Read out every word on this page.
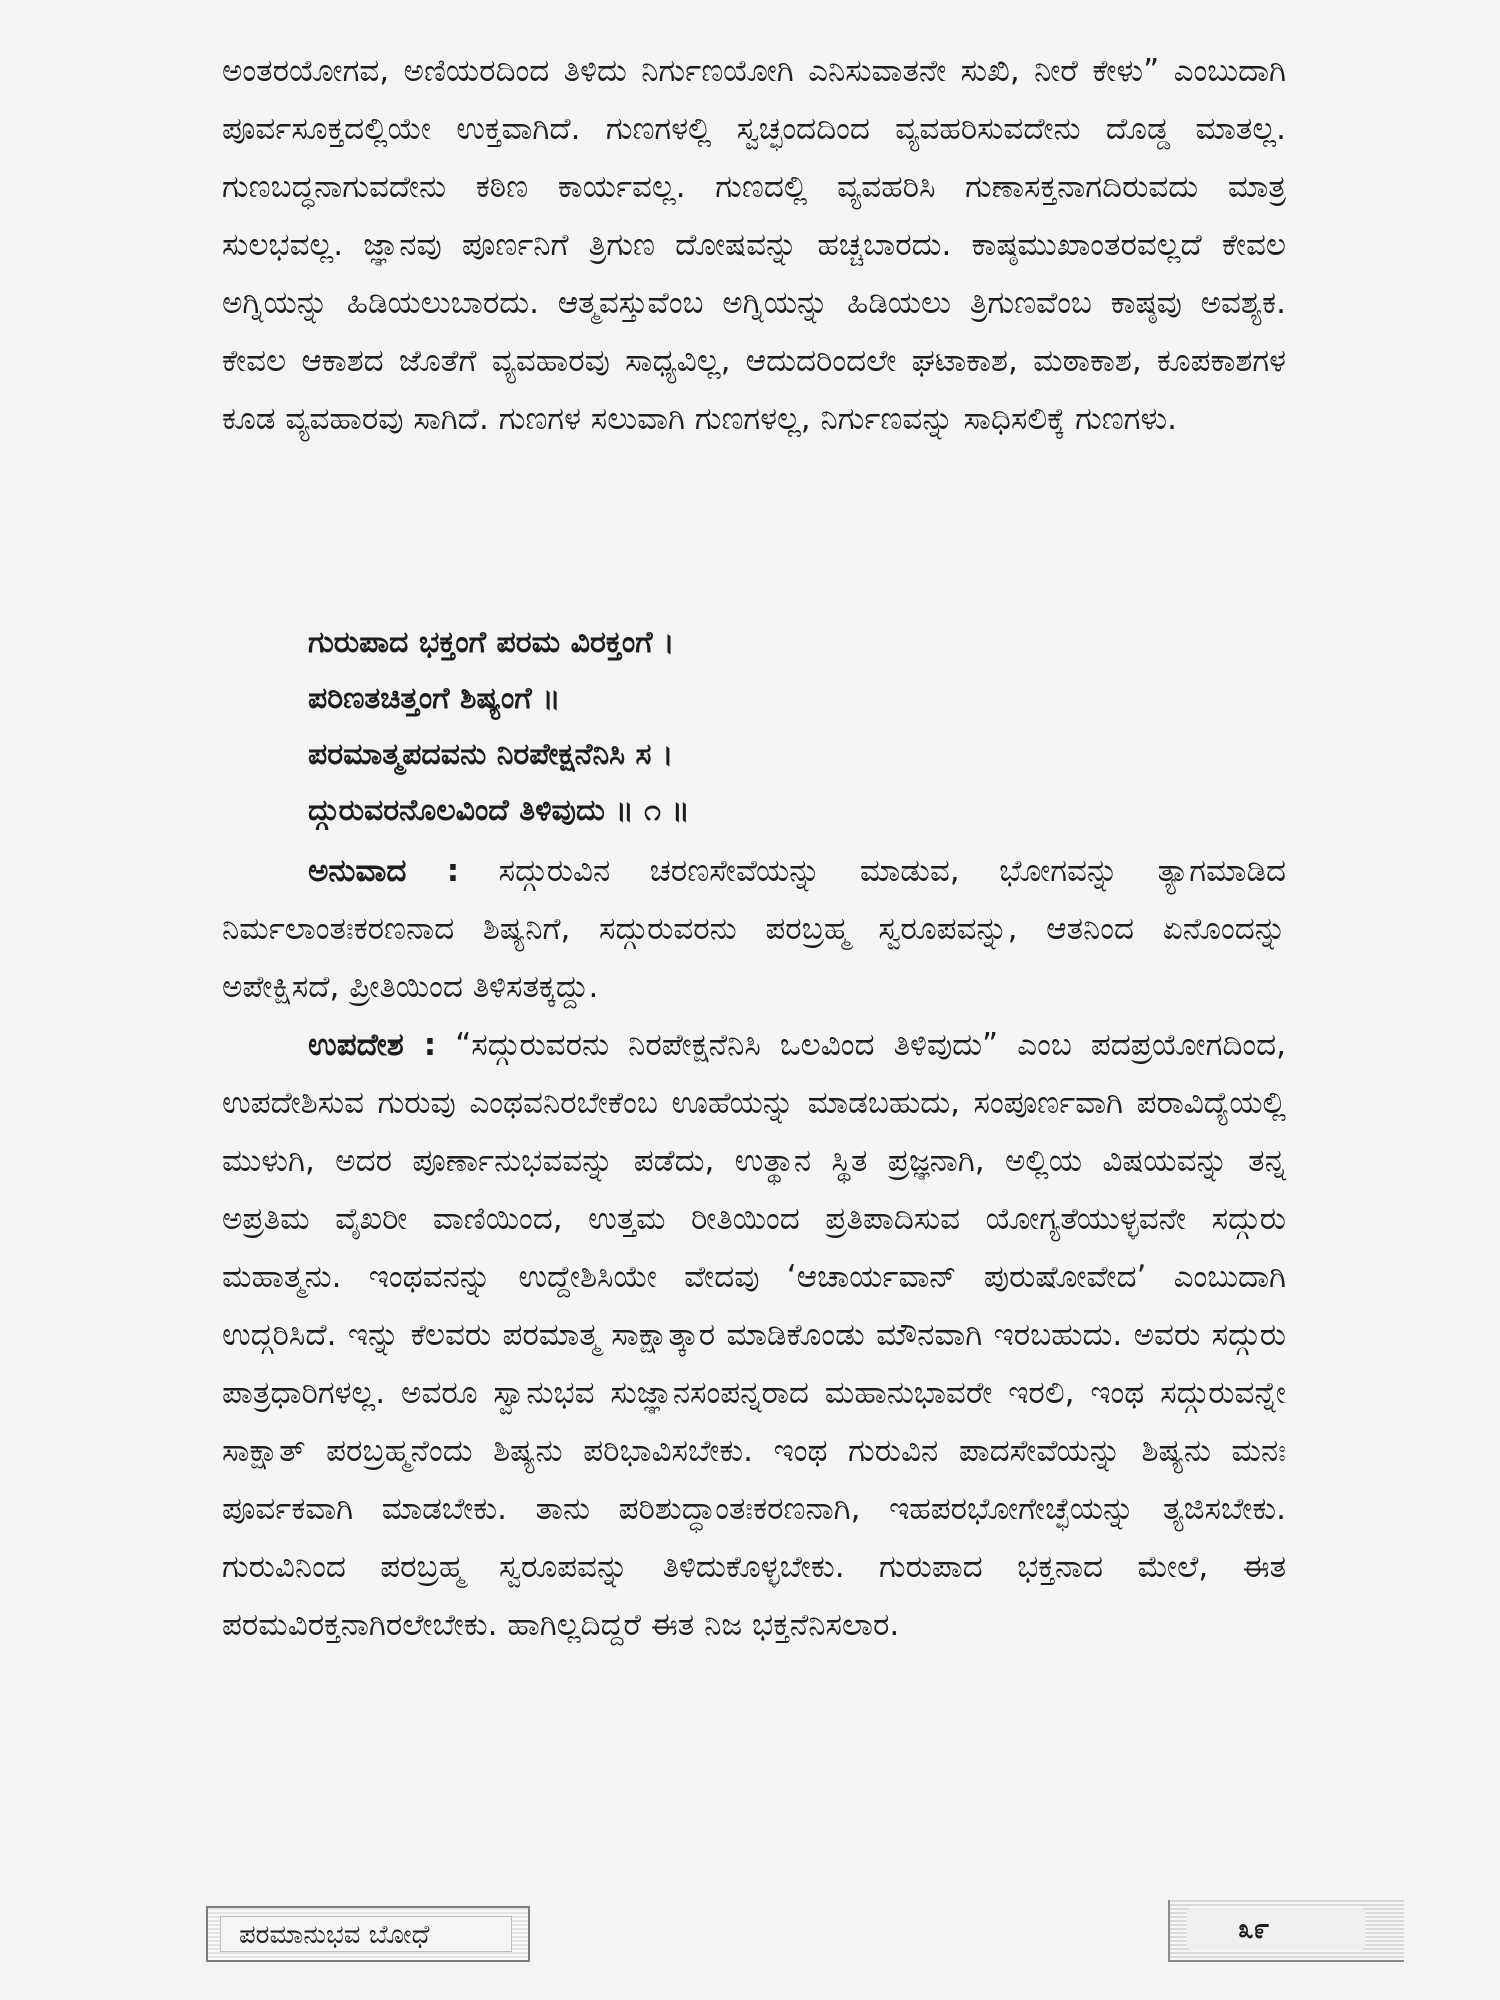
ಅಂತರಯೋಗವ, ಅಣಿಯರದಿಂದ ತಿಳಿದು ನಿರ್ಗುಣಯೋಗಿ ಎನಿಸುವಾತನೇ ಸುಖಿ, ನೀರೆ ಕೇಳು” ಎಂಬುದಾಗಿ ಪೂರ್ವಸೂಕ್ತದಲ್ಲಿಯೇ ಉಕ್ತವಾಗಿದೆ. ಗುಣಗಳಲ್ಲಿ ಸ್ವಚ್ಛಂದದಿಂದ ವ್ಯವಹರಿಸುವದೇನು ದೊಡ್ಡ ಮಾತಲ್ಲ. ಗುಣಬದ್ಧನಾಗುವದೇನು ಕಠಿಣ ಕಾರ್ಯವಲ್ಲ. ಗುಣದಲ್ಲಿ ವ್ಯವಹರಿಸಿ ಗುಣಾಸಕ್ತನಾಗದಿರುವದು ಮಾತ್ರ ಸುಲಭವಲ್ಲ. ಜ್ಞಾನವು ಪೂರ್ಣನಿಗೆ ತ್ರಿಗುಣ ದೋಷವನ್ನು ಹಚ್ಚಬಾರದು. ಕಾಷ್ಠಮುಖಾಂತರವಲ್ಲದೆ ಕೇವಲ ಅಗ್ನಿಯನ್ನು ಹಿಡಿಯಲುಬಾರದು. ಆತ್ಮವಸ್ತುವೆಂಬ ಅಗ್ನಿಯನ್ನು ಹಿಡಿಯಲು ತ್ರಿಗುಣವೆಂಬ ಕಾಷ್ಠವು ಅವಶ್ಯಕ. ಕೇವಲ ಆಕಾಶದ ಜೊತೆಗೆ ವ್ಯವಹಾರವು ಸಾಧ್ಯವಿಲ್ಲ, ಆದುದರಿಂದಲೇ ಘಟಾಕಾಶ, ಮಠಾಕಾಶ, ಕೂಪಕಾಶಗಳ ಕೂಡ ವ್ಯವಹಾರವು ಸಾಗಿದೆ. ಗುಣಗಳ ಸಲುವಾಗಿ ಗುಣಗಳಲ್ಲ, ನಿರ್ಗುಣವನ್ನು ಸಾಧಿಸಲಿಕ್ಕೆ ಗುಣಗಳು.

ಗುರುಪಾದ ಭಕ್ತಂಗೆ ಪರಮ ವಿರಕ್ತಂಗೆ ।
ಪರಿಣತಚಿತ್ತಂಗೆ ಶಿಷ್ಯಂಗೆ ॥
ಪರಮಾತ್ಮಪದವನು ನಿರಪೇಕ್ಷನೆನಿಸಿ ಸ ।
ದ್ಗುರುವರನೊಲವಿಂದೆ ತಿಳಿವುದು ॥ ೧ ॥

ಅನುವಾದ : ಸದ್ಗುರುವಿನ ಚರಣಸೇವೆಯನ್ನು ಮಾಡುವ, ಭೋಗವನ್ನು ತ್ಯಾಗಮಾಡಿದ ನಿರ್ಮಲಾಂತಃಕರಣನಾದ ಶಿಷ್ಯನಿಗೆ, ಸದ್ಗುರುವರನು ಪರಬ್ರಹ್ಮ ಸ್ವರೂಪವನ್ನು, ಆತನಿಂದ ಏನೊಂದನ್ನು ಅಪೇಕ್ಷಿಸದೆ, ಪ್ರೀತಿಯಿಂದ ತಿಳಿಸತಕ್ಕದ್ದು.

ಉಪದೇಶ : “ಸದ್ಗುರುವರನು ನಿರಪೇಕ್ಷನೆನಿಸಿ ಒಲವಿಂದ ತಿಳಿವುದು” ಎಂಬ ಪದಪ್ರಯೋಗದಿಂದ, ಉಪದೇಶಿಸುವ ಗುರುವು ಎಂಥವನಿರಬೇಕೆಂಬ ಊಹೆಯನ್ನು ಮಾಡಬಹುದು, ಸಂಪೂರ್ಣವಾಗಿ ಪರಾವಿದ್ಯೆಯಲ್ಲಿ ಮುಳುಗಿ, ಅದರ ಪೂರ್ಣಾನುಭವವನ್ನು ಪಡೆದು, ಉತ್ಥಾನ ಸ್ಥಿತ ಪ್ರಜ್ಞನಾಗಿ, ಅಲ್ಲಿಯ ವಿಷಯವನ್ನು ತನ್ನ ಅಪ್ರತಿಮ ವೈಖರೀ ವಾಣಿಯಿಂದ, ಉತ್ತಮ ರೀತಿಯಿಂದ ಪ್ರತಿಪಾದಿಸುವ ಯೋಗ್ಯತೆಯುಳ್ಳವನೇ ಸದ್ಗುರು ಮಹಾತ್ಮನು. ಇಂಥವನನ್ನು ಉದ್ದೇಶಿಸಿಯೇ ವೇದವು ‘ಆಚಾರ್ಯವಾನ್ ಪುರುಷೋವೇದ’ ಎಂಬುದಾಗಿ ಉದ್ಗರಿಸಿದೆ. ಇನ್ನು ಕೆಲವರು ಪರಮಾತ್ಮ ಸಾಕ್ಷಾತ್ಕಾರ ಮಾಡಿಕೊಂಡು ಮೌನವಾಗಿ ಇರಬಹುದು. ಅವರು ಸದ್ಗುರು ಪಾತ್ರಧಾರಿಗಳಲ್ಲ. ಅವರೂ ಸ್ವಾನುಭವ ಸುಜ್ಞಾನಸಂಪನ್ನರಾದ ಮಹಾನುಭಾವರೇ ಇರಲಿ, ಇಂಥ ಸದ್ಗುರುವನ್ನೇ ಸಾಕ್ಷಾತ್ ಪರಬ್ರಹ್ಮನೆಂದು ಶಿಷ್ಯನು ಪರಿಭಾವಿಸಬೇಕು. ಇಂಥ ಗುರುವಿನ ಪಾದಸೇವೆಯನ್ನು ಶಿಷ್ಯನು ಮನಃ ಪೂರ್ವಕವಾಗಿ ಮಾಡಬೇಕು. ತಾನು ಪರಿಶುದ್ಧಾಂತಃಕರಣನಾಗಿ, ಇಹಪರಭೋಗೇಚ್ಛೆಯನ್ನು ತ್ಯಜಿಸಬೇಕು. ಗುರುವಿನಿಂದ ಪರಬ್ರಹ್ಮ ಸ್ವರೂಪವನ್ನು ತಿಳಿದುಕೊಳ್ಳಬೇಕು. ಗುರುಪಾದ ಭಕ್ತನಾದ ಮೇಲೆ, ಈತ ಪರಮವಿರಕ್ತನಾಗಿರಲೇಬೇಕು. ಹಾಗಿಲ್ಲದಿದ್ದರೆ ಈತ ನಿಜ ಭಕ್ತನೆನಿಸಲಾರ.

ಪರಮಾನುಭವ ಬೋಧೆ	೩೯
